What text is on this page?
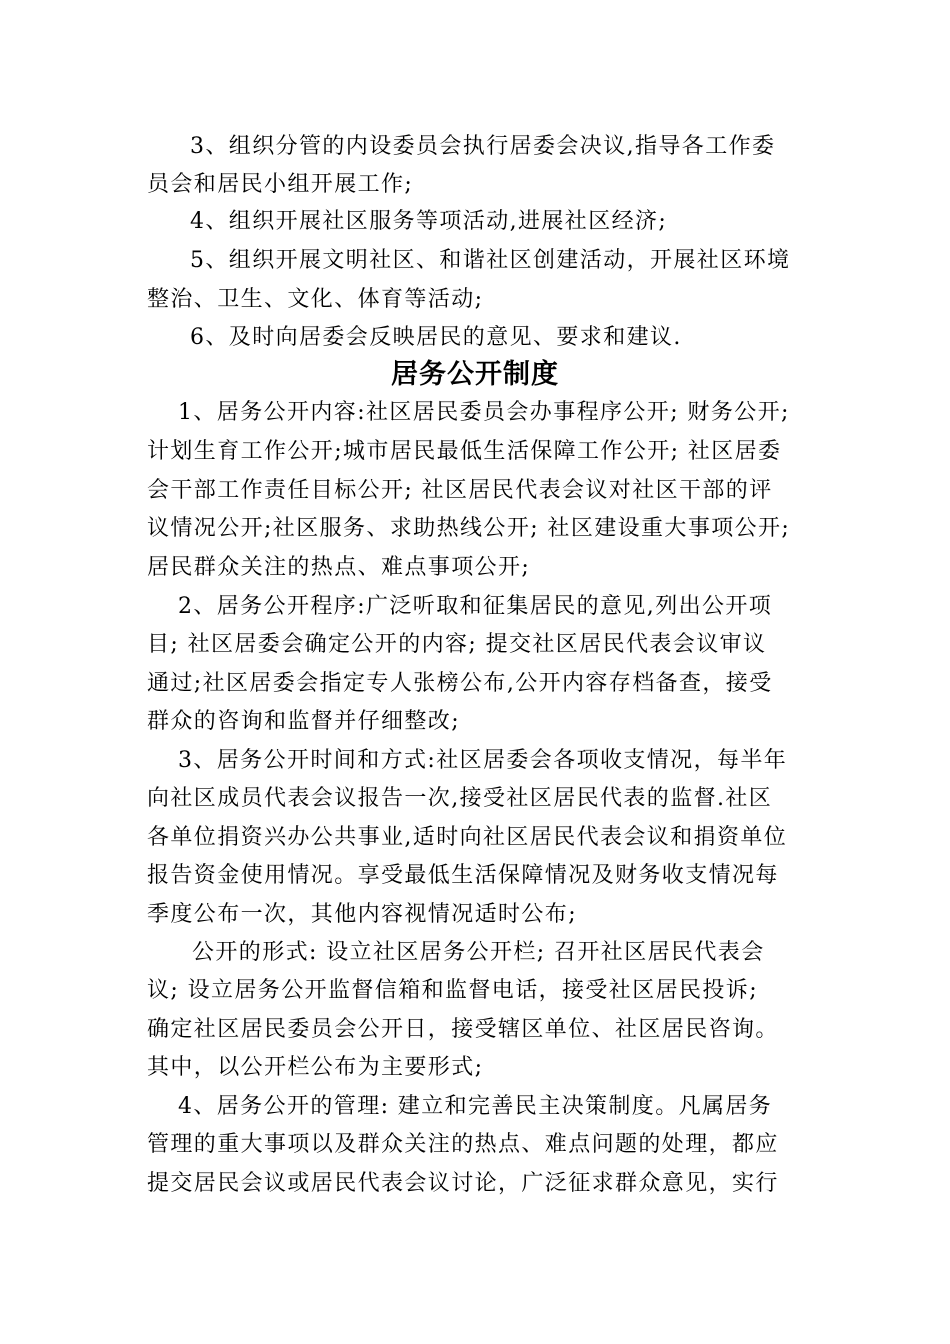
3、组织分管的内设委员会执行居委会决议,指导各工作委
员会和居民小组开展工作;
4、组织开展社区服务等项活动,进展社区经济;
5、组织开展文明社区、和谐社区创建活动，开展社区环境
整治、卫生、文化、体育等活动;
6、及时向居委会反映居民的意见、要求和建议.
居务公开制度
1、居务公开内容:社区居民委员会办事程序公开; 财务公开;
计划生育工作公开;城市居民最低生活保障工作公开; 社区居委
会干部工作责任目标公开; 社区居民代表会议对社区干部的评
议情况公开;社区服务、求助热线公开; 社区建设重大事项公开;
居民群众关注的热点、难点事项公开;
2、居务公开程序:广泛听取和征集居民的意见,列出公开项
目; 社区居委会确定公开的内容; 提交社区居民代表会议审议
通过;社区居委会指定专人张榜公布,公开内容存档备查，接受
群众的咨询和监督并仔细整改;
3、居务公开时间和方式:社区居委会各项收支情况，每半年
向社区成员代表会议报告一次,接受社区居民代表的监督.社区
各单位捐资兴办公共事业,适时向社区居民代表会议和捐资单位
报告资金使用情况。享受最低生活保障情况及财务收支情况每
季度公布一次，其他内容视情况适时公布;
公开的形式: 设立社区居务公开栏; 召开社区居民代表会
议; 设立居务公开监督信箱和监督电话，接受社区居民投诉;
确定社区居民委员会公开日，接受辖区单位、社区居民咨询。
其中，以公开栏公布为主要形式;
4、居务公开的管理: 建立和完善民主决策制度。凡属居务
管理的重大事项以及群众关注的热点、难点问题的处理，都应
提交居民会议或居民代表会议讨论，广泛征求群众意见，实行
